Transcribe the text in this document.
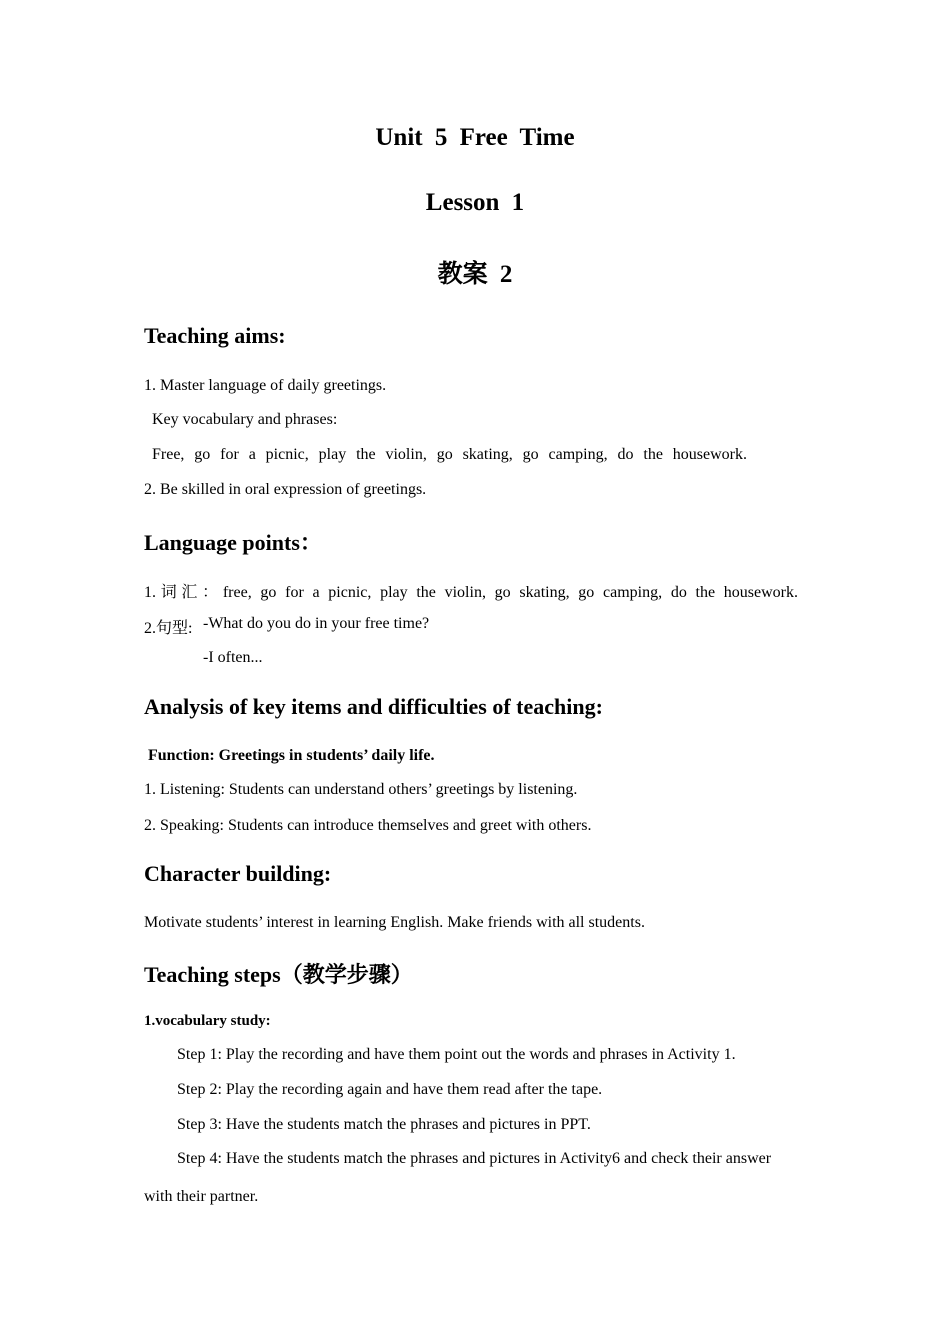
Unit 5 Free Time
Lesson 1
教案 2
Teaching aims:
1. Master language of daily greetings.
Key vocabulary and phrases:
Free, go for a picnic, play the violin, go skating, go camping, do the housework.
2. Be skilled in oral expression of greetings.
Language points：
1.词汇：free, go for a picnic, play the violin, go skating, go camping, do the housework.
2.句型: -What do you do in your free time?
-I often...
Analysis of key items and difficulties of teaching:
Function: Greetings in students’ daily life.
1. Listening: Students can understand others’ greetings by listening.
2. Speaking: Students can introduce themselves and greet with others.
Character building:
Motivate students’ interest in learning English. Make friends with all students.
Teaching steps（教学步骤）
1.vocabulary study:
Step 1: Play the recording and have them point out the words and phrases in Activity 1.
Step 2: Play the recording again and have them read after the tape.
Step 3: Have the students match the phrases and pictures in PPT.
Step 4: Have the students match the phrases and pictures in Activity6 and check their answer
with their partner.
